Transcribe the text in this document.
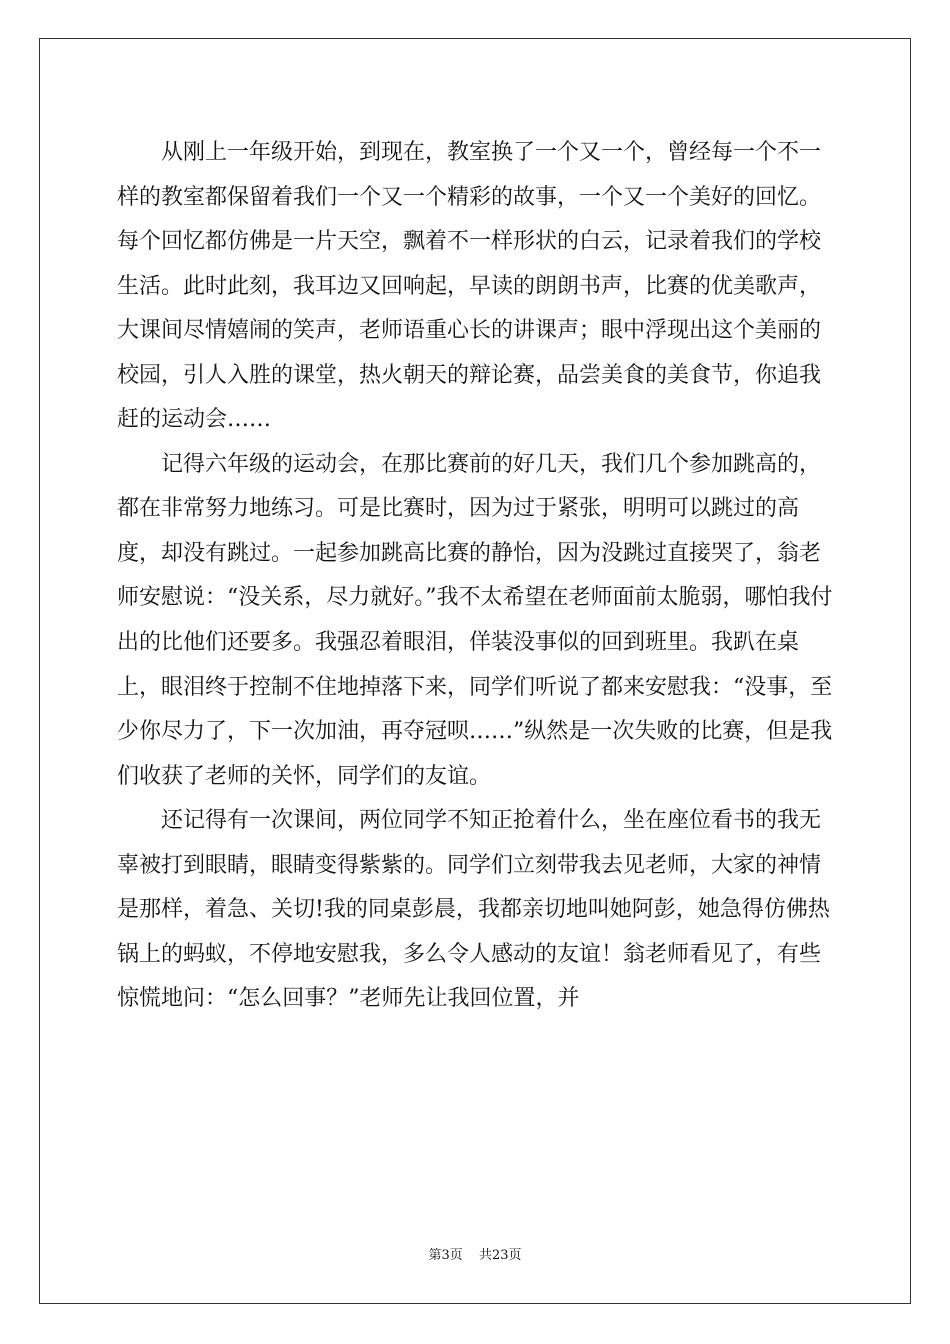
从刚上一年级开始，到现在，教室换了一个又一个，曾经每一个不一样的教室都保留着我们一个又一个精彩的故事，一个又一个美好的回忆。每个回忆都仿佛是一片天空，飘着不一样形状的白云，记录着我们的学校生活。此时此刻，我耳边又回响起，早读的朗朗书声，比赛的优美歌声，大课间尽情嬉闹的笑声，老师语重心长的讲课声；眼中浮现出这个美丽的校园，引人入胜的课堂，热火朝天的辩论赛，品尝美食的美食节，你追我赶的运动会……

记得六年级的运动会，在那比赛前的好几天，我们几个参加跳高的，都在非常努力地练习。可是比赛时，因为过于紧张，明明可以跳过的高度，却没有跳过。一起参加跳高比赛的静怡，因为没跳过直接哭了，翁老师安慰说：“没关系，尽力就好。”我不太希望在老师面前太脆弱，哪怕我付出的比他们还要多。我强忍着眼泪，佯装没事似的回到班里。我趴在桌上，眼泪终于控制不住地掉落下来，同学们听说了都来安慰我：“没事，至少你尽力了，下一次加油，再夺冠呗……”纵然是一次失败的比赛，但是我们收获了老师的关怀，同学们的友谊。

还记得有一次课间，两位同学不知正抢着什么，坐在座位看书的我无辜被打到眼睛，眼睛变得紫紫的。同学们立刻带我去见老师，大家的神情是那样，着急、关切!我的同桌彭晨，我都亲切地叫她阿彭，她急得仿佛热锅上的蚂蚁，不停地安慰我，多么令人感动的友谊！翁老师看见了，有些惊慌地问：“怎么回事？”老师先让我回位置，并

第3页 共23页
